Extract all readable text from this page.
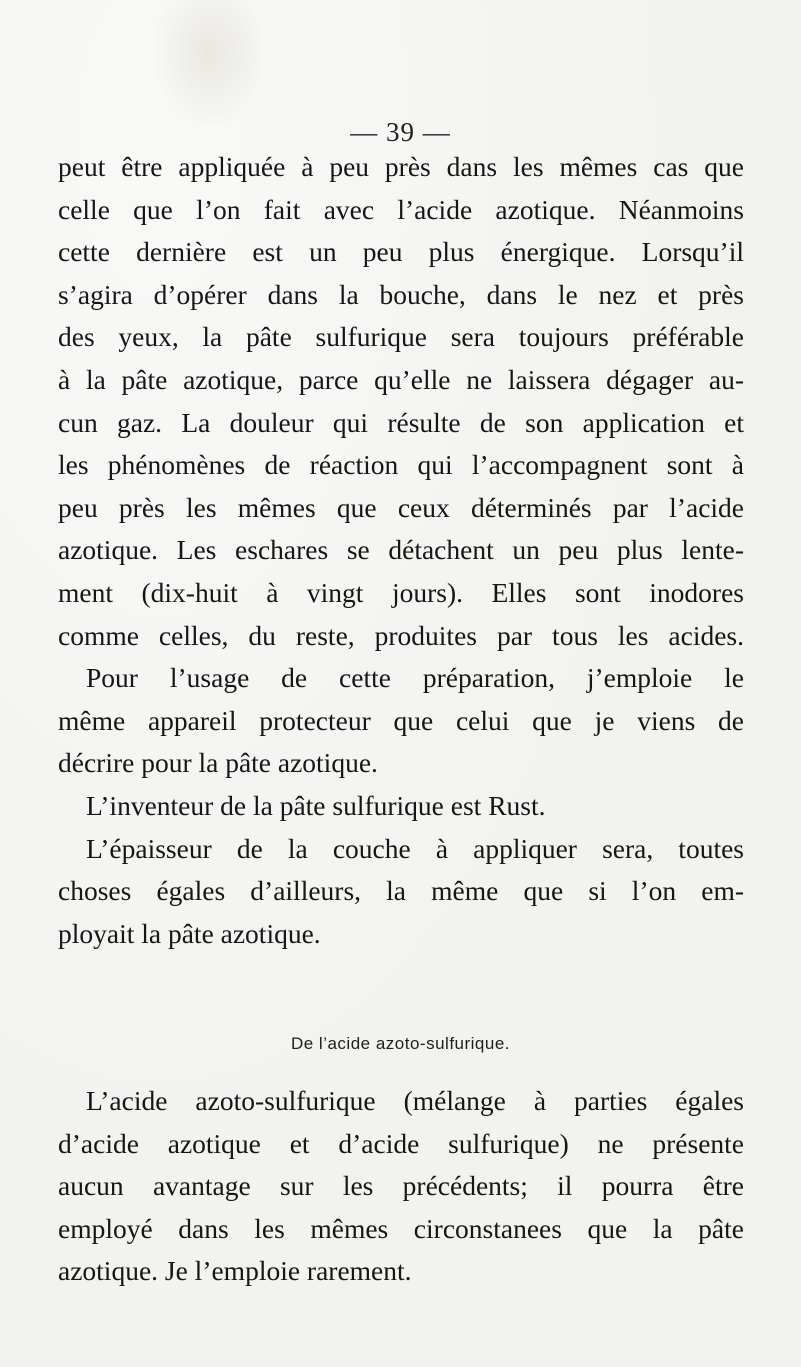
— 39 —
peut être appliquée à peu près dans les mêmes cas que
celle que l’on fait avec l’acide azotique. Néanmoins
cette dernière est un peu plus énergique. Lorsqu’il
s’agira d’opérer dans la bouche, dans le nez et près
des yeux, la pâte sulfurique sera toujours préférable
à la pâte azotique, parce qu’elle ne laissera dégager au-
cun gaz. La douleur qui résulte de son application et
les phénomènes de réaction qui l’accompagnent sont à
peu près les mêmes que ceux déterminés par l’acide
azotique. Les eschares se détachent un peu plus lente-
ment (dix-huit à vingt jours). Elles sont inodores
comme celles, du reste, produites par tous les acides.
Pour l’usage de cette préparation, j’emploie le
même appareil protecteur que celui que je viens de
décrire pour la pâte azotique.
L’inventeur de la pâte sulfurique est Rust.
L’épaisseur de la couche à appliquer sera, toutes
choses égales d’ailleurs, la même que si l’on em-
ployait la pâte azotique.
De l’acide azoto-sulfurique.
L’acide azoto-sulfurique (mélange à parties égales
d’acide azotique et d’acide sulfurique) ne présente
aucun avantage sur les précédents; il pourra être
employé dans les mêmes circonstanees que la pâte
azotique. Je l’emploie rarement.
